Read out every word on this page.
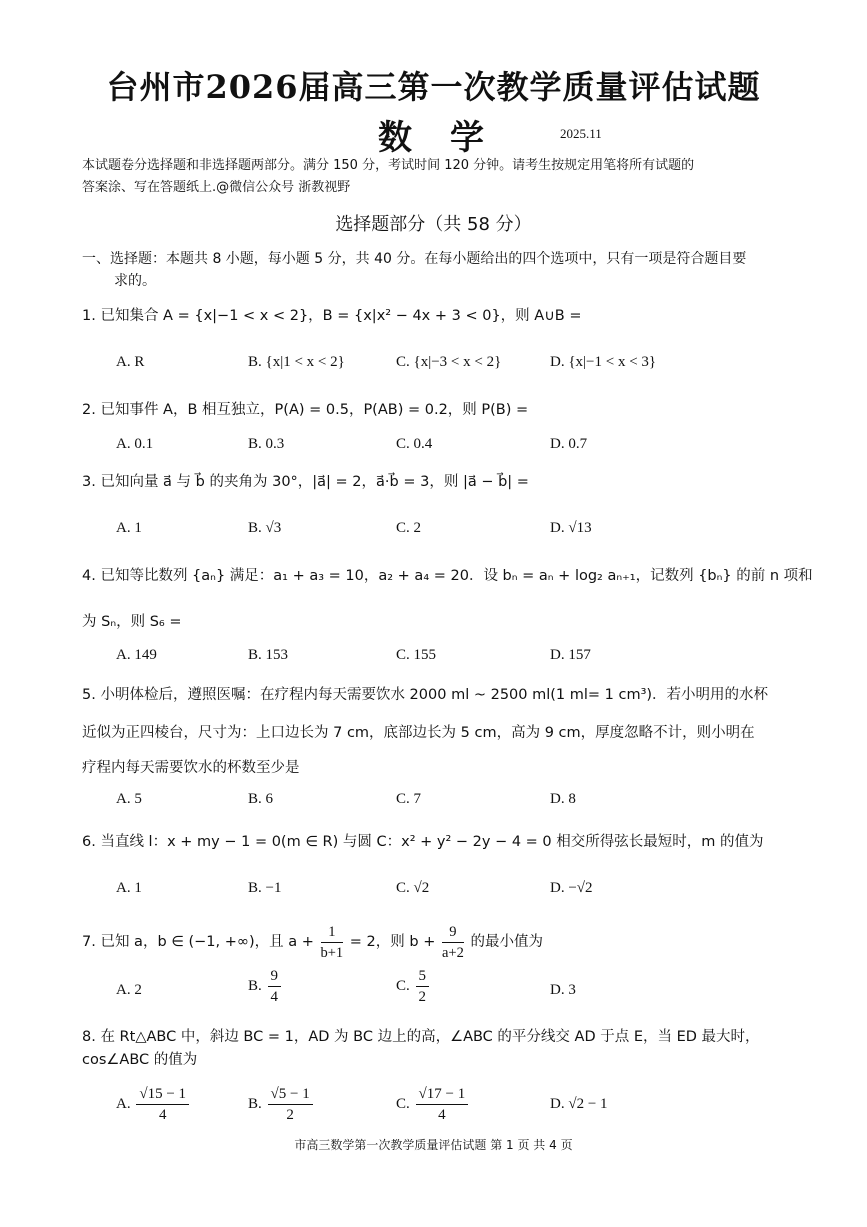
台州市2026届高三第一次教学质量评估试题
数学	2025.11
本试题卷分选择题和非选择题两部分。满分 150 分，考试时间 120 分钟。请考生按规定用笔将所有试题的
答案涂、写在答题纸上.@微信公众号 浙教视野
选择题部分（共 58 分）
一、选择题：本题共 8 小题，每小题 5 分，共 40 分。在每小题给出的四个选项中，只有一项是符合题目要
求的。
1. 已知集合 A = {x|−1 < x < 2}，B = {x|x² − 4x + 3 < 0}，则 A∪B =
A. R	B. {x|1 < x < 2}	C. {x|−3 < x < 2}	D. {x|−1 < x < 3}
2. 已知事件 A，B 相互独立，P(A) = 0.5，P(AB) = 0.2，则 P(B) =
A. 0.1	B. 0.3	C. 0.4	D. 0.7
3. 已知向量 a⃗ 与 b⃗ 的夹角为 30°，|a⃗| = 2，a⃗·b⃗ = 3，则 |a⃗ − b⃗| =
A. 1	B. √3	C. 2	D. √13
4. 已知等比数列 {aₙ} 满足：a₁ + a₃ = 10，a₂ + a₄ = 20．设 bₙ = aₙ + log₂ aₙ₊₁，记数列 {bₙ} 的前 n 项和
为 Sₙ，则 S₆ =
A. 149	B. 153	C. 155	D. 157
5. 小明体检后，遵照医嘱：在疗程内每天需要饮水 2000 ml ~ 2500 ml(1 ml= 1 cm³)．若小明用的水杯
近似为正四棱台，尺寸为：上口边长为 7 cm，底部边长为 5 cm，高为 9 cm，厚度忽略不计，则小明在
疗程内每天需要饮水的杯数至少是
A. 5	B. 6	C. 7	D. 8
6. 当直线 l：x + my − 1 = 0(m ∈ R) 与圆 C：x² + y² − 2y − 4 = 0 相交所得弦长最短时，m 的值为
A. 1	B. −1	C. √2	D. −√2
7. 已知 a，b ∈ (−1, +∞)，且 $a + \frac{1}{b+1} = 2$，则 $b + \frac{9}{a+2}$ 的最小值为
A. 2	B. $\frac{9}{4}$	C. $\frac{5}{2}$	D. 3
8. 在 Rt△ABC 中，斜边 BC = 1，AD 为 BC 边上的高，∠ABC 的平分线交 AD 于点 E，当 ED 最大时，
cos∠ABC 的值为
A. $\frac{√15 - 1}{4}$	B. $\frac{√5 - 1}{2}$	C. $\frac{√17 - 1}{4}$	D. √2 − 1
市高三数学第一次教学质量评估试题 第 1 页 共 4 页
